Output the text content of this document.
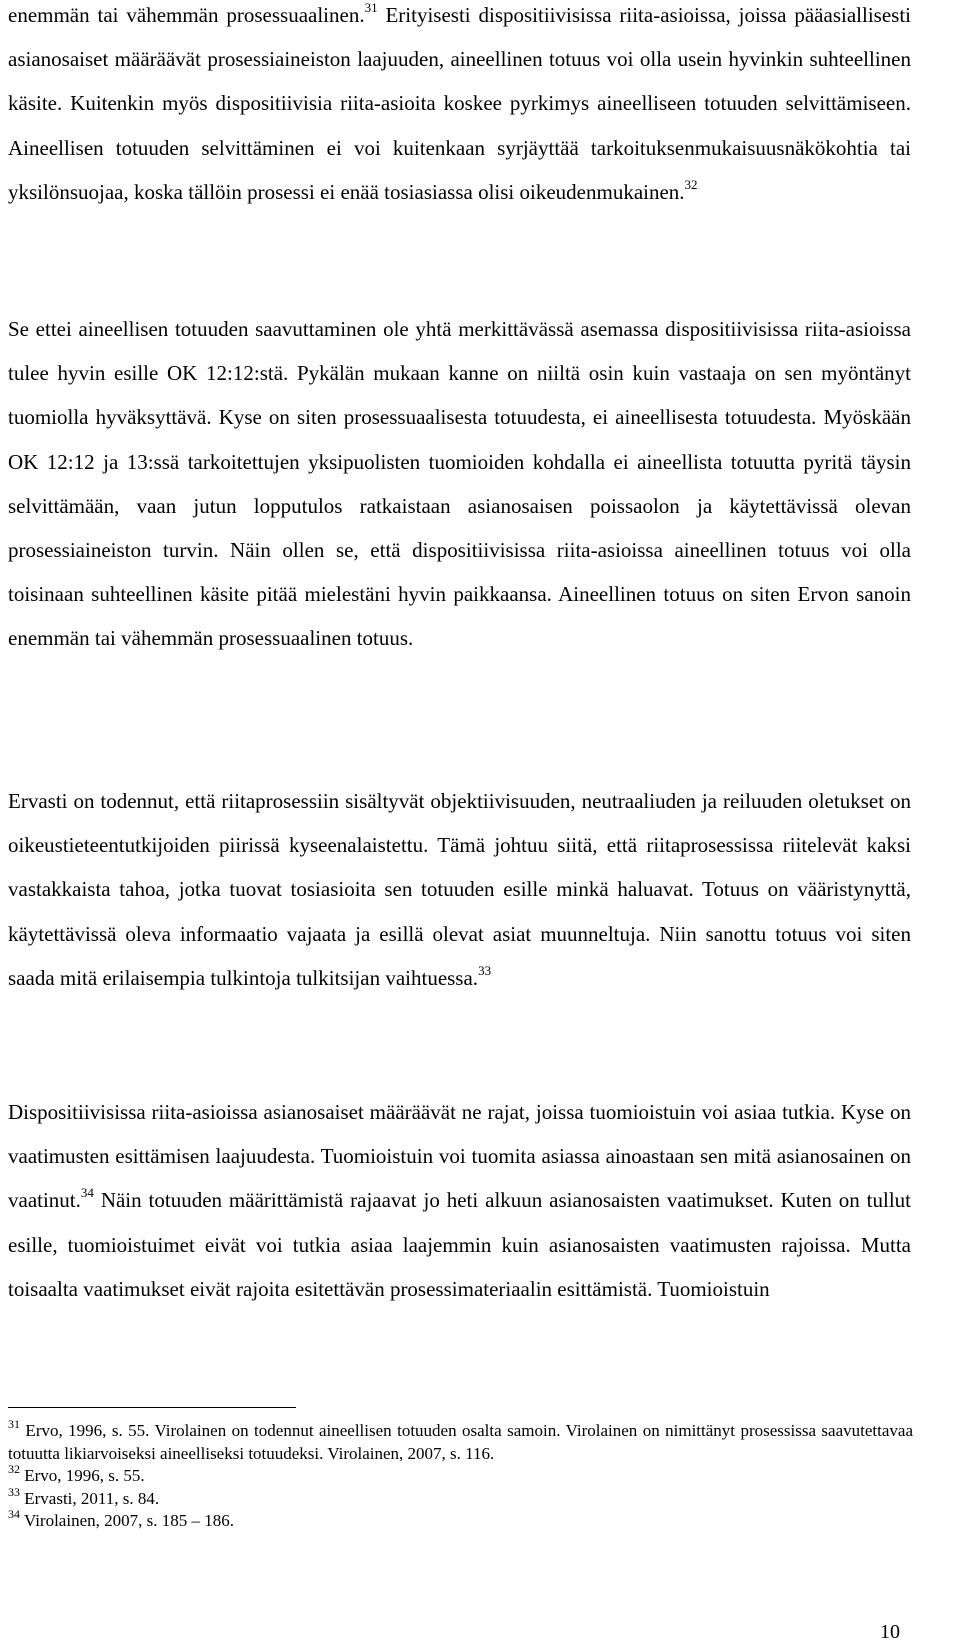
enemmän tai vähemmän prosessuaalinen.$^{31}$ Erityisesti dispositiivisissa riita-asioissa, joissa pääasiallisesti asianosaiset määräävät prosessiaineiston laajuuden, aineellinen totuus voi olla usein hyvinkin suhteellinen käsite. Kuitenkin myös dispositiivisia riita-asioita koskee pyrkimys aineelliseen totuuden selvittämiseen. Aineellisen totuuden selvittäminen ei voi kuitenkaan syrjäyttää tarkoituksenmukaisuusnäkökohtia tai yksilönsuojaa, koska tällöin prosessi ei enää tosiasiassa olisi oikeudenmukainen.$^{32}$

Se ettei aineellisen totuuden saavuttaminen ole yhtä merkittävässä asemassa dispositiivisissa riita-asioissa tulee hyvin esille OK 12:12:stä. Pykälän mukaan kanne on niiltä osin kuin vastaaja on sen myöntänyt tuomiolla hyväksyttävä. Kyse on siten prosessuaalisesta totuudesta, ei aineellisesta totuudesta. Myöskään OK 12:12 ja 13:ssä tarkoitettujen yksipuolisten tuomioiden kohdalla ei aineellista totuutta pyritä täysin selvittämään, vaan jutun lopputulos ratkaistaan asianosaisen poissaolon ja käytettävissä olevan prosessiaineiston turvin. Näin ollen se, että dispositiivisissa riita-asioissa aineellinen totuus voi olla toisinaan suhteellinen käsite pitää mielestäni hyvin paikkaansa. Aineellinen totuus on siten Ervon sanoin enemmän tai vähemmän prosessuaalinen totuus.

Ervasti on todennut, että riitaprosessiin sisältyvät objektiivisuuden, neutraaliuden ja reiluuden oletukset on oikeustieteentutkijoiden piirissä kyseenalaistettu. Tämä johtuu siitä, että riitaprosessissa riitelevät kaksi vastakkaista tahoa, jotka tuovat tosiasioita sen totuuden esille minkä haluavat. Totuus on vääristynyttä, käytettävissä oleva informaatio vajaata ja esillä olevat asiat muunneltuja. Niin sanottu totuus voi siten saada mitä erilaisempia tulkintoja tulkitsijan vaihtuessa.$^{33}$

Dispositiivisissa riita-asioissa asianosaiset määräävät ne rajat, joissa tuomioistuin voi asiaa tutkia. Kyse on vaatimusten esittämisen laajuudesta. Tuomioistuin voi tuomita asiassa ainoastaan sen mitä asianosainen on vaatinut.$^{34}$ Näin totuuden määrittämistä rajaavat jo heti alkuun asianosaisten vaatimukset. Kuten on tullut esille, tuomioistuimet eivät voi tutkia asiaa laajemmin kuin asianosaisten vaatimusten rajoissa. Mutta toisaalta vaatimukset eivät rajoita esitettävän prosessimateriaalin esittämistä. Tuomioistuin

$^{31}$ Ervo, 1996, s. 55. Virolainen on todennut aineellisen totuuden osalta samoin. Virolainen on nimittänyt prosessissa saavutettavaa totuutta likiarvoiseksi aineelliseksi totuudeksi. Virolainen, 2007, s. 116.

$^{32}$ Ervo, 1996, s. 55.

$^{33}$ Ervasti, 2011, s. 84.

$^{34}$ Virolainen, 2007, s. 185 – 186.

10
